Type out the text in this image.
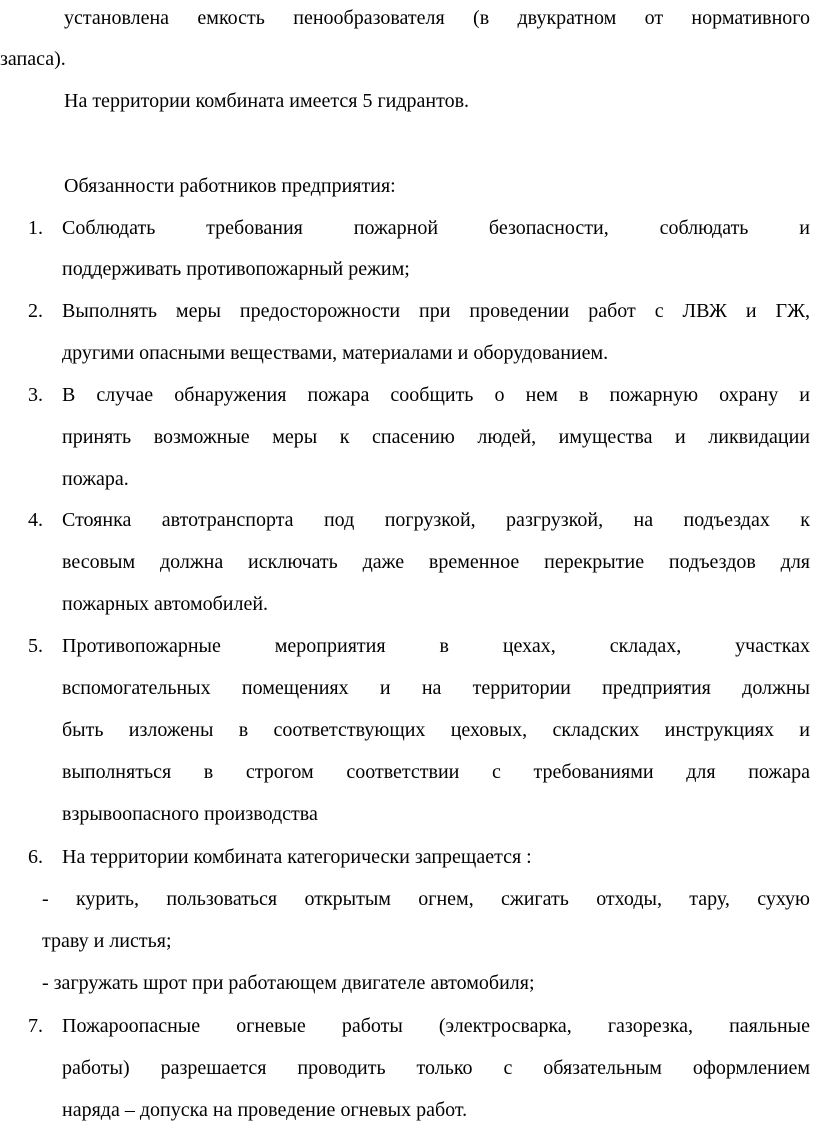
установлена емкость пенообразователя (в двукратном от нормативного
запаса).
На территории комбината имеется 5 гидрантов.
Обязанности работников предприятия:
1. Соблюдать требования пожарной безопасности, соблюдать и
поддерживать противопожарный режим;
2. Выполнять меры предосторожности при проведении работ с ЛВЖ и ГЖ,
другими опасными веществами, материалами и оборудованием.
3. В случае обнаружения пожара сообщить о нем в пожарную охрану и
принять возможные меры к спасению людей, имущества и ликвидации
пожара.
4. Стоянка автотранспорта под погрузкой, разгрузкой, на подъездах к
весовым должна исключать даже временное перекрытие подъездов для
пожарных автомобилей.
5. Противопожарные мероприятия в цехах, складах, участках
вспомогательных помещениях и на территории предприятия должны
быть изложены в соответствующих цеховых, складских инструкциях и
выполняться в строгом соответствии с требованиями для пожара
взрывоопасного производства
6. На территории комбината категорически запрещается :
- курить, пользоваться открытым огнем, сжигать отходы, тару, сухую
траву и листья;
- загружать шрот при работающем двигателе автомобиля;
7. Пожароопасные огневые работы (электросварка, газорезка, паяльные
работы) разрешается проводить только с обязательным оформлением
наряда – допуска на проведение огневых работ.
